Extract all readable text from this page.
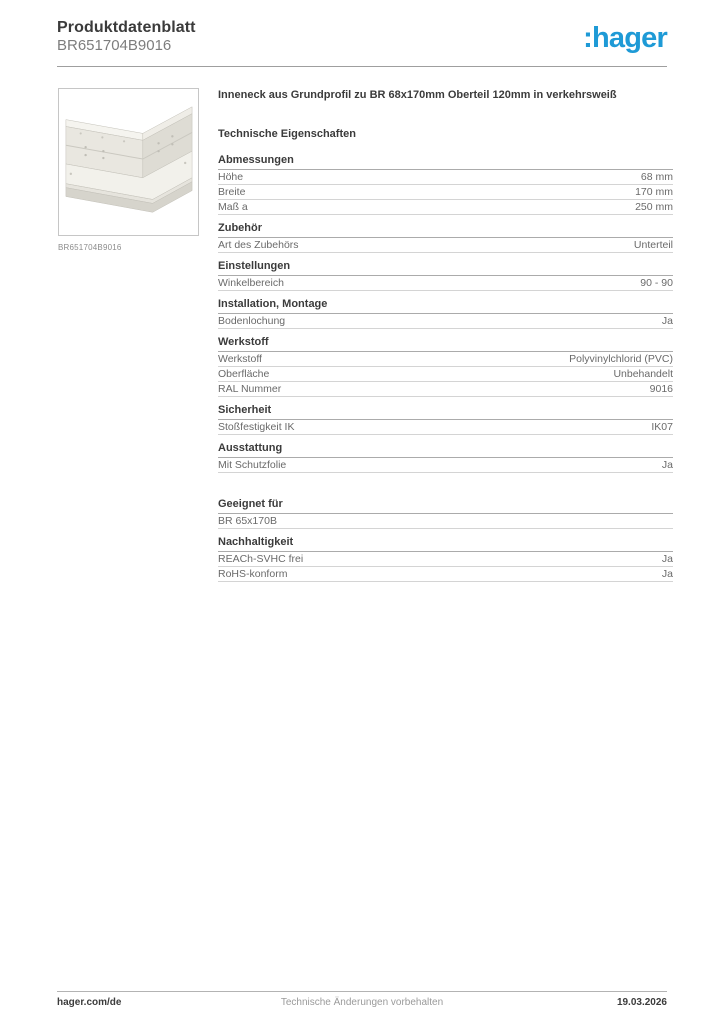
Produktdatenblatt
BR651704B9016	:hager
BR651704B9016
Inneneck aus Grundprofil zu BR 68x170mm Oberteil 120mm in verkehrsweiß
Technische Eigenschaften
Abmessungen
Höhe	68 mm
Breite	170 mm
Maß a	250 mm
Zubehör
Art des Zubehörs	Unterteil
Einstellungen
Winkelbereich	90 - 90
Installation, Montage
Bodenlochung	Ja
Werkstoff
Werkstoff	Polyvinylchlorid (PVC)
Oberfläche	Unbehandelt
RAL Nummer	9016
Sicherheit
Stoßfestigkeit IK	IK07
Ausstattung
Mit Schutzfolie	Ja
Geeignet für
BR 65x170B
Nachhaltigkeit
REACh-SVHC frei	Ja
RoHS-konform	Ja
hager.com/de	Technische Änderungen vorbehalten	19.03.2026
